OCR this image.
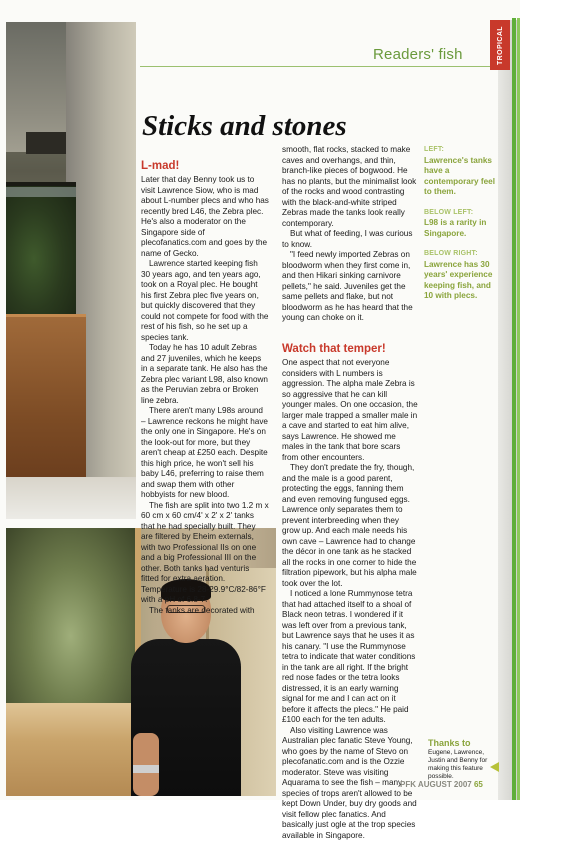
Readers' fish	TROPICAL
Sticks and stones
L-mad!

Later that day Benny took us to visit Lawrence Siow, who is mad about L-number plecs and who has recently bred L46, the Zebra plec. He's also a moderator on the Singapore side of plecofanatics.com and goes by the name of Gecko.

Lawrence started keeping fish 30 years ago, and ten years ago, took on a Royal plec. He bought his first Zebra plec five years on, but quickly discovered that they could not compete for food with the rest of his fish, so he set up a species tank.

Today he has 10 adult Zebras and 27 juveniles, which he keeps in a separate tank. He also has the Zebra plec variant L98, also known as the Peruvian zebra or Broken line zebra.

There aren't many L98s around – Lawrence reckons he might have the only one in Singapore. He's on the look-out for more, but they aren't cheap at £250 each. Despite this high price, he won't sell his baby L46, preferring to raise them and swap them with other hobbyists for new blood.

The fish are split into two 1.2 m x 60 cm x 60 cm/4' x 2' x 2' tanks that he had specially built. They are filtered by Eheim externals, with two Professional IIs on one and a big Professional III on the other. Both tanks had venturis fitted for extra aeration. Temperature is 28-29.9°C/82-86°F with a pH of 6.8-7.

The tanks are decorated with

smooth, flat rocks, stacked to make caves and overhangs, and thin, branch-like pieces of bogwood. He has no plants, but the minimalist look of the rocks and wood contrasting with the black-and-white striped Zebras made the tanks look really contemporary.

But what of feeding, I was curious to know.

"I feed newly imported Zebras on bloodworm when they first come in, and then Hikari sinking carnivore pellets," he said. Juveniles get the same pellets and flake, but not bloodworm as he has heard that the young can choke on it.

Watch that temper!

One aspect that not everyone considers with L numbers is aggression. The alpha male Zebra is so aggressive that he can kill younger males. On one occasion, the larger male trapped a smaller male in a cave and started to eat him alive, says Lawrence. He showed me males in the tank that bore scars from other encounters.

They don't predate the fry, though, and the male is a good parent, protecting the eggs, fanning them and even removing fungused eggs. Lawrence only separates them to prevent interbreeding when they grow up. And each male needs his own cave – Lawrence had to change the décor in one tank as he stacked all the rocks in one corner to hide the filtration pipework, but his alpha male took over the lot.

I noticed a lone Rummynose tetra that had attached itself to a shoal of Black neon tetras. I wondered if it was left over from a previous tank, but Lawrence says that he uses it as his canary. "I use the Rummynose tetra to indicate that water conditions in the tank are all right. If the bright red nose fades or the tetra looks distressed, it is an early warning signal for me and I can act on it before it affects the plecs." He paid £100 each for the ten adults.

Also visiting Lawrence was Australian plec fanatic Steve Young, who goes by the name of Stevo on plecofanatic.com and is the Ozzie moderator. Steve was visiting Aquarama to see the fish – many species of trops aren't allowed to be kept Down Under, buy dry goods and visit fellow plec fanatics. And basically just ogle at the trop species available in Singapore.

LEFT:
Lawrence's tanks have a contemporary feel to them.
BELOW LEFT:
L98 is a rarity in Singapore.
BELOW RIGHT:
Lawrence has 30 years' experience keeping fish, and 10 with plecs.
Thanks to
Eugene, Lawrence, Justin and Benny for making this feature possible.
PFK AUGUST 2007 65
